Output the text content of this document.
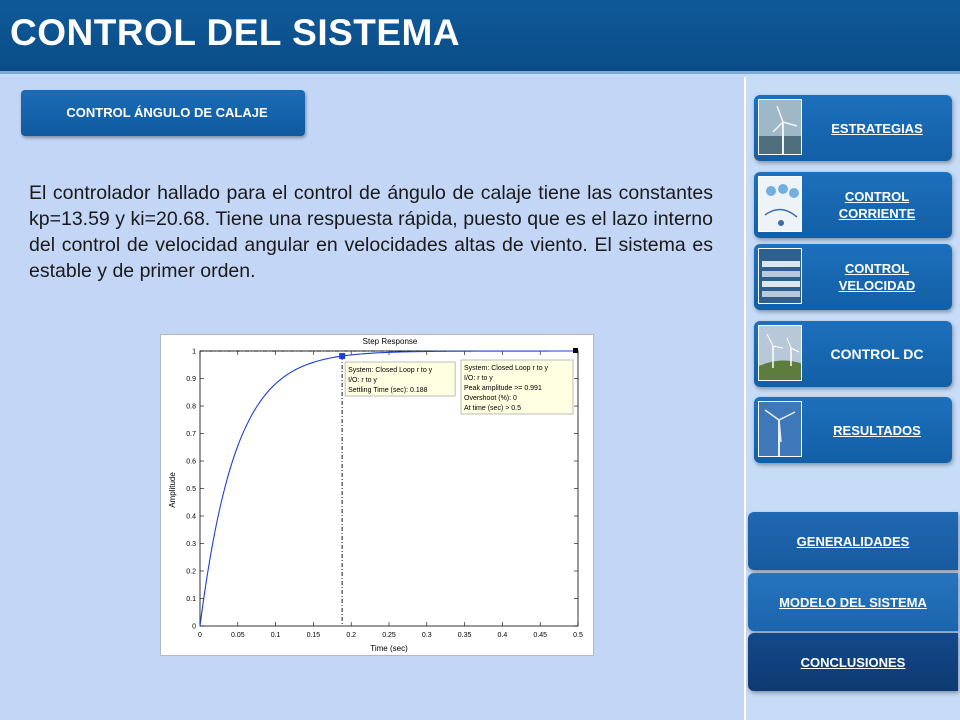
CONTROL DEL SISTEMA
CONTROL ÁNGULO DE CALAJE

El controlador hallado para el control de ángulo de calaje tiene las constantes kp=13.59 y ki=20.68. Tiene una respuesta rápida, puesto que es el lazo interno del control de velocidad angular en velocidades altas de viento. El sistema es estable y de primer orden.

Step Response
0	0.05	0.1	0.15	0.2	0.25	0.3	0.35	0.4	0.45	0.5
0
0.1
0.2
0.3
0.4
0.5
0.6
0.7
0.8
0.9
1
System: Closed Loop r to y
I/O: r to y
Settling Time (sec): 0.188
System: Closed Loop r to y
I/O: r to y
Peak amplitude >= 0.991
Overshoot (%): 0
At time (sec) > 0.5
Time (sec)
Amplitude
ESTRATEGIAS
CONTROL CORRIENTE
CONTROL VELOCIDAD
CONTROL DC
RESULTADOS
GENERALIDADES
MODELO DEL SISTEMA
CONCLUSIONES
